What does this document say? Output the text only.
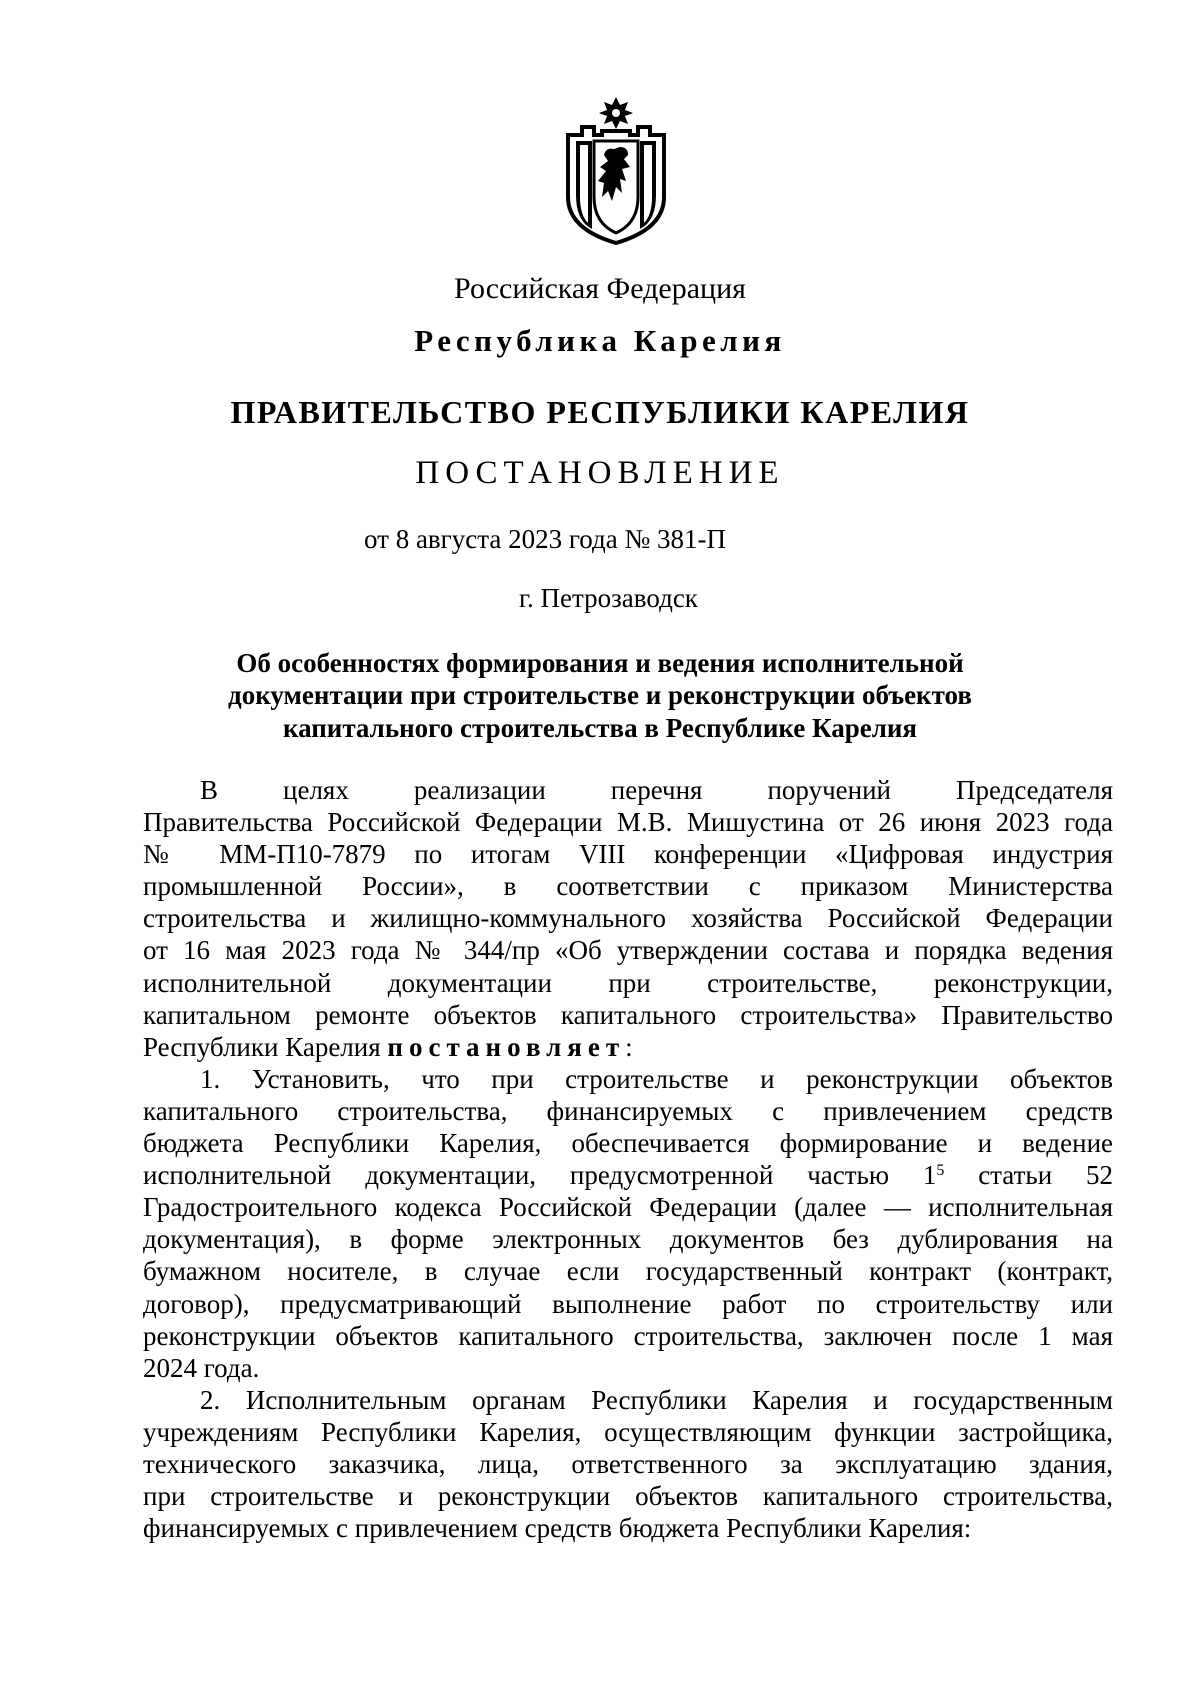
Российская Федерация
Республика Карелия
ПРАВИТЕЛЬСТВО РЕСПУБЛИКИ КАРЕЛИЯ
ПОСТАНОВЛЕНИЕ
от 8 августа 2023 года № 381-П
г. Петрозаводск
Об особенностях формирования и ведения исполнительной
документации при строительстве и реконструкции объектов
капитального строительства в Республике Карелия

В целях реализации перечня поручений Председателя
Правительства Российской Федерации М.В. Мишустина от 26 июня 2023 года
№ ММ-П10-7879 по итогам VIII конференции «Цифровая индустрия
промышленной России», в соответствии с приказом Министерства
строительства и жилищно-коммунального хозяйства Российской Федерации
от 16 мая 2023 года № 344/пр «Об утверждении состава и порядка ведения
исполнительной документации при строительстве, реконструкции,
капитальном ремонте объектов капитального строительства» Правительство
Республики Карелия постановляет:

1. Установить, что при строительстве и реконструкции объектов
капитального строительства, финансируемых с привлечением средств
бюджета Республики Карелия, обеспечивается формирование и ведение
исполнительной документации, предусмотренной частью $1^5$ статьи 52
Градостроительного кодекса Российской Федерации (далее — исполнительная
документация), в форме электронных документов без дублирования на
бумажном носителе, в случае если государственный контракт (контракт,
договор), предусматривающий выполнение работ по строительству или
реконструкции объектов капитального строительства, заключен после 1 мая
2024 года.

2. Исполнительным органам Республики Карелия и государственным
учреждениям Республики Карелия, осуществляющим функции застройщика,
технического заказчика, лица, ответственного за эксплуатацию здания,
при строительстве и реконструкции объектов капитального строительства,
финансируемых с привлечением средств бюджета Республики Карелия:
